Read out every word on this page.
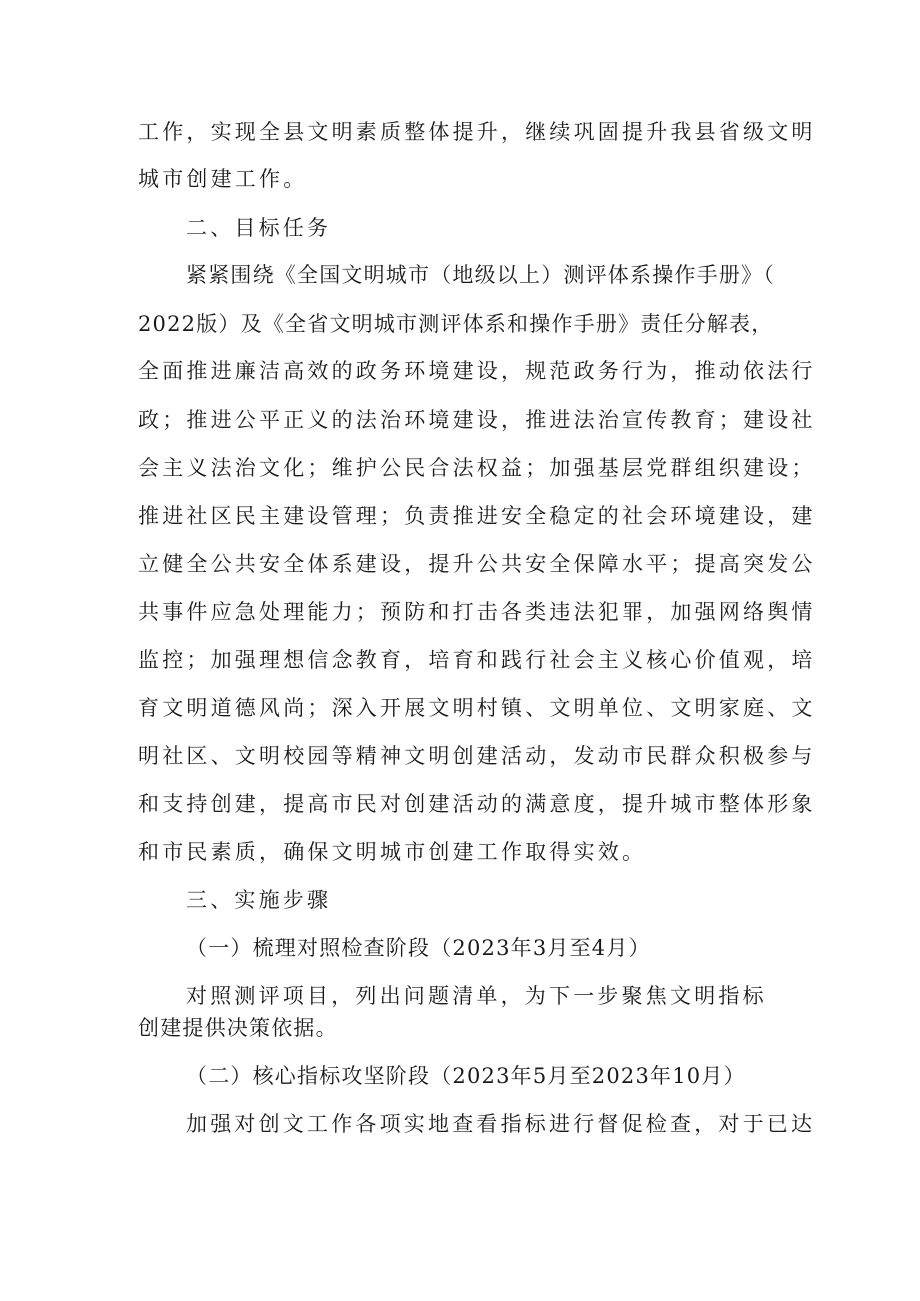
工作，实现全县文明素质整体提升，继续巩固提升我县省级文明
城市创建工作。
二、目标任务
紧紧围绕《全国文明城市（地级以上）测评体系操作手册》（
2022版）及《全省文明城市测评体系和操作手册》责任分解表，
全面推进廉洁高效的政务环境建设，规范政务行为，推动依法行
政；推进公平正义的法治环境建设，推进法治宣传教育；建设社
会主义法治文化；维护公民合法权益；加强基层党群组织建设；
推进社区民主建设管理；负责推进安全稳定的社会环境建设，建
立健全公共安全体系建设，提升公共安全保障水平；提高突发公
共事件应急处理能力；预防和打击各类违法犯罪，加强网络舆情
监控；加强理想信念教育，培育和践行社会主义核心价值观，培
育文明道德风尚；深入开展文明村镇、文明单位、文明家庭、文
明社区、文明校园等精神文明创建活动，发动市民群众积极参与
和支持创建，提高市民对创建活动的满意度，提升城市整体形象
和市民素质，确保文明城市创建工作取得实效。
三、实施步骤
（一）梳理对照检查阶段（2023年3月至4月）
对照测评项目，列出问题清单，为下一步聚焦文明指标
创建提供决策依据。
（二）核心指标攻坚阶段（2023年5月至2023年10月）
加强对创文工作各项实地查看指标进行督促检查，对于已达
